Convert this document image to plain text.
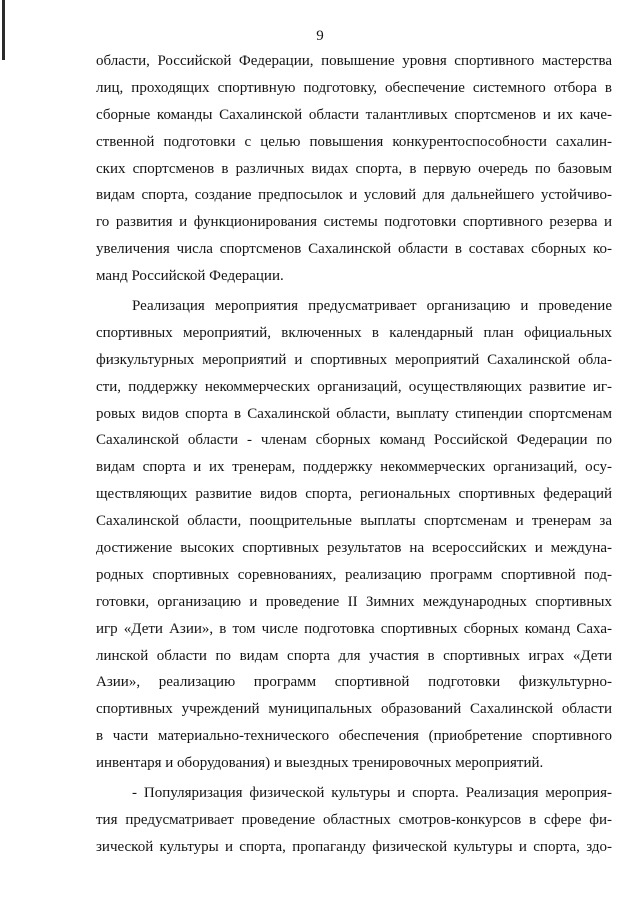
9
области, Российской Федерации, повышение уровня спортивного мастерства
лиц, проходящих спортивную подготовку, обеспечение системного отбора в
сборные команды Сахалинской области талантливых спортсменов и их каче-
ственной подготовки с целью повышения конкурентоспособности сахалин-
ских спортсменов в различных видах спорта, в первую очередь по базовым
видам спорта, создание предпосылок и условий для дальнейшего устойчиво-
го развития и функционирования системы подготовки спортивного резерва и
увеличения числа спортсменов Сахалинской области в составах сборных ко-
манд Российской Федерации.
Реализация мероприятия предусматривает организацию и проведение
спортивных мероприятий, включенных в календарный план официальных
физкультурных мероприятий и спортивных мероприятий Сахалинской обла-
сти, поддержку некоммерческих организаций, осуществляющих развитие иг-
ровых видов спорта в Сахалинской области, выплату стипендии спортсменам
Сахалинской области - членам сборных команд Российской Федерации по
видам спорта и их тренерам, поддержку некоммерческих организаций, осу-
ществляющих развитие видов спорта, региональных спортивных федераций
Сахалинской области, поощрительные выплаты спортсменам и тренерам за
достижение высоких спортивных результатов на всероссийских и междуна-
родных спортивных соревнованиях, реализацию программ спортивной под-
готовки, организацию и проведение II Зимних международных спортивных
игр «Дети Азии», в том числе подготовка спортивных сборных команд Саха-
линской области по видам спорта для участия в спортивных играх «Дети
Азии», реализацию программ спортивной подготовки физкультурно-
спортивных учреждений муниципальных образований Сахалинской области
в части материально-технического обеспечения (приобретение спортивного
инвентаря и оборудования) и выездных тренировочных мероприятий.
- Популяризация физической культуры и спорта. Реализация мероприя-
тия предусматривает проведение областных смотров-конкурсов в сфере фи-
зической культуры и спорта, пропаганду физической культуры и спорта, здо-
